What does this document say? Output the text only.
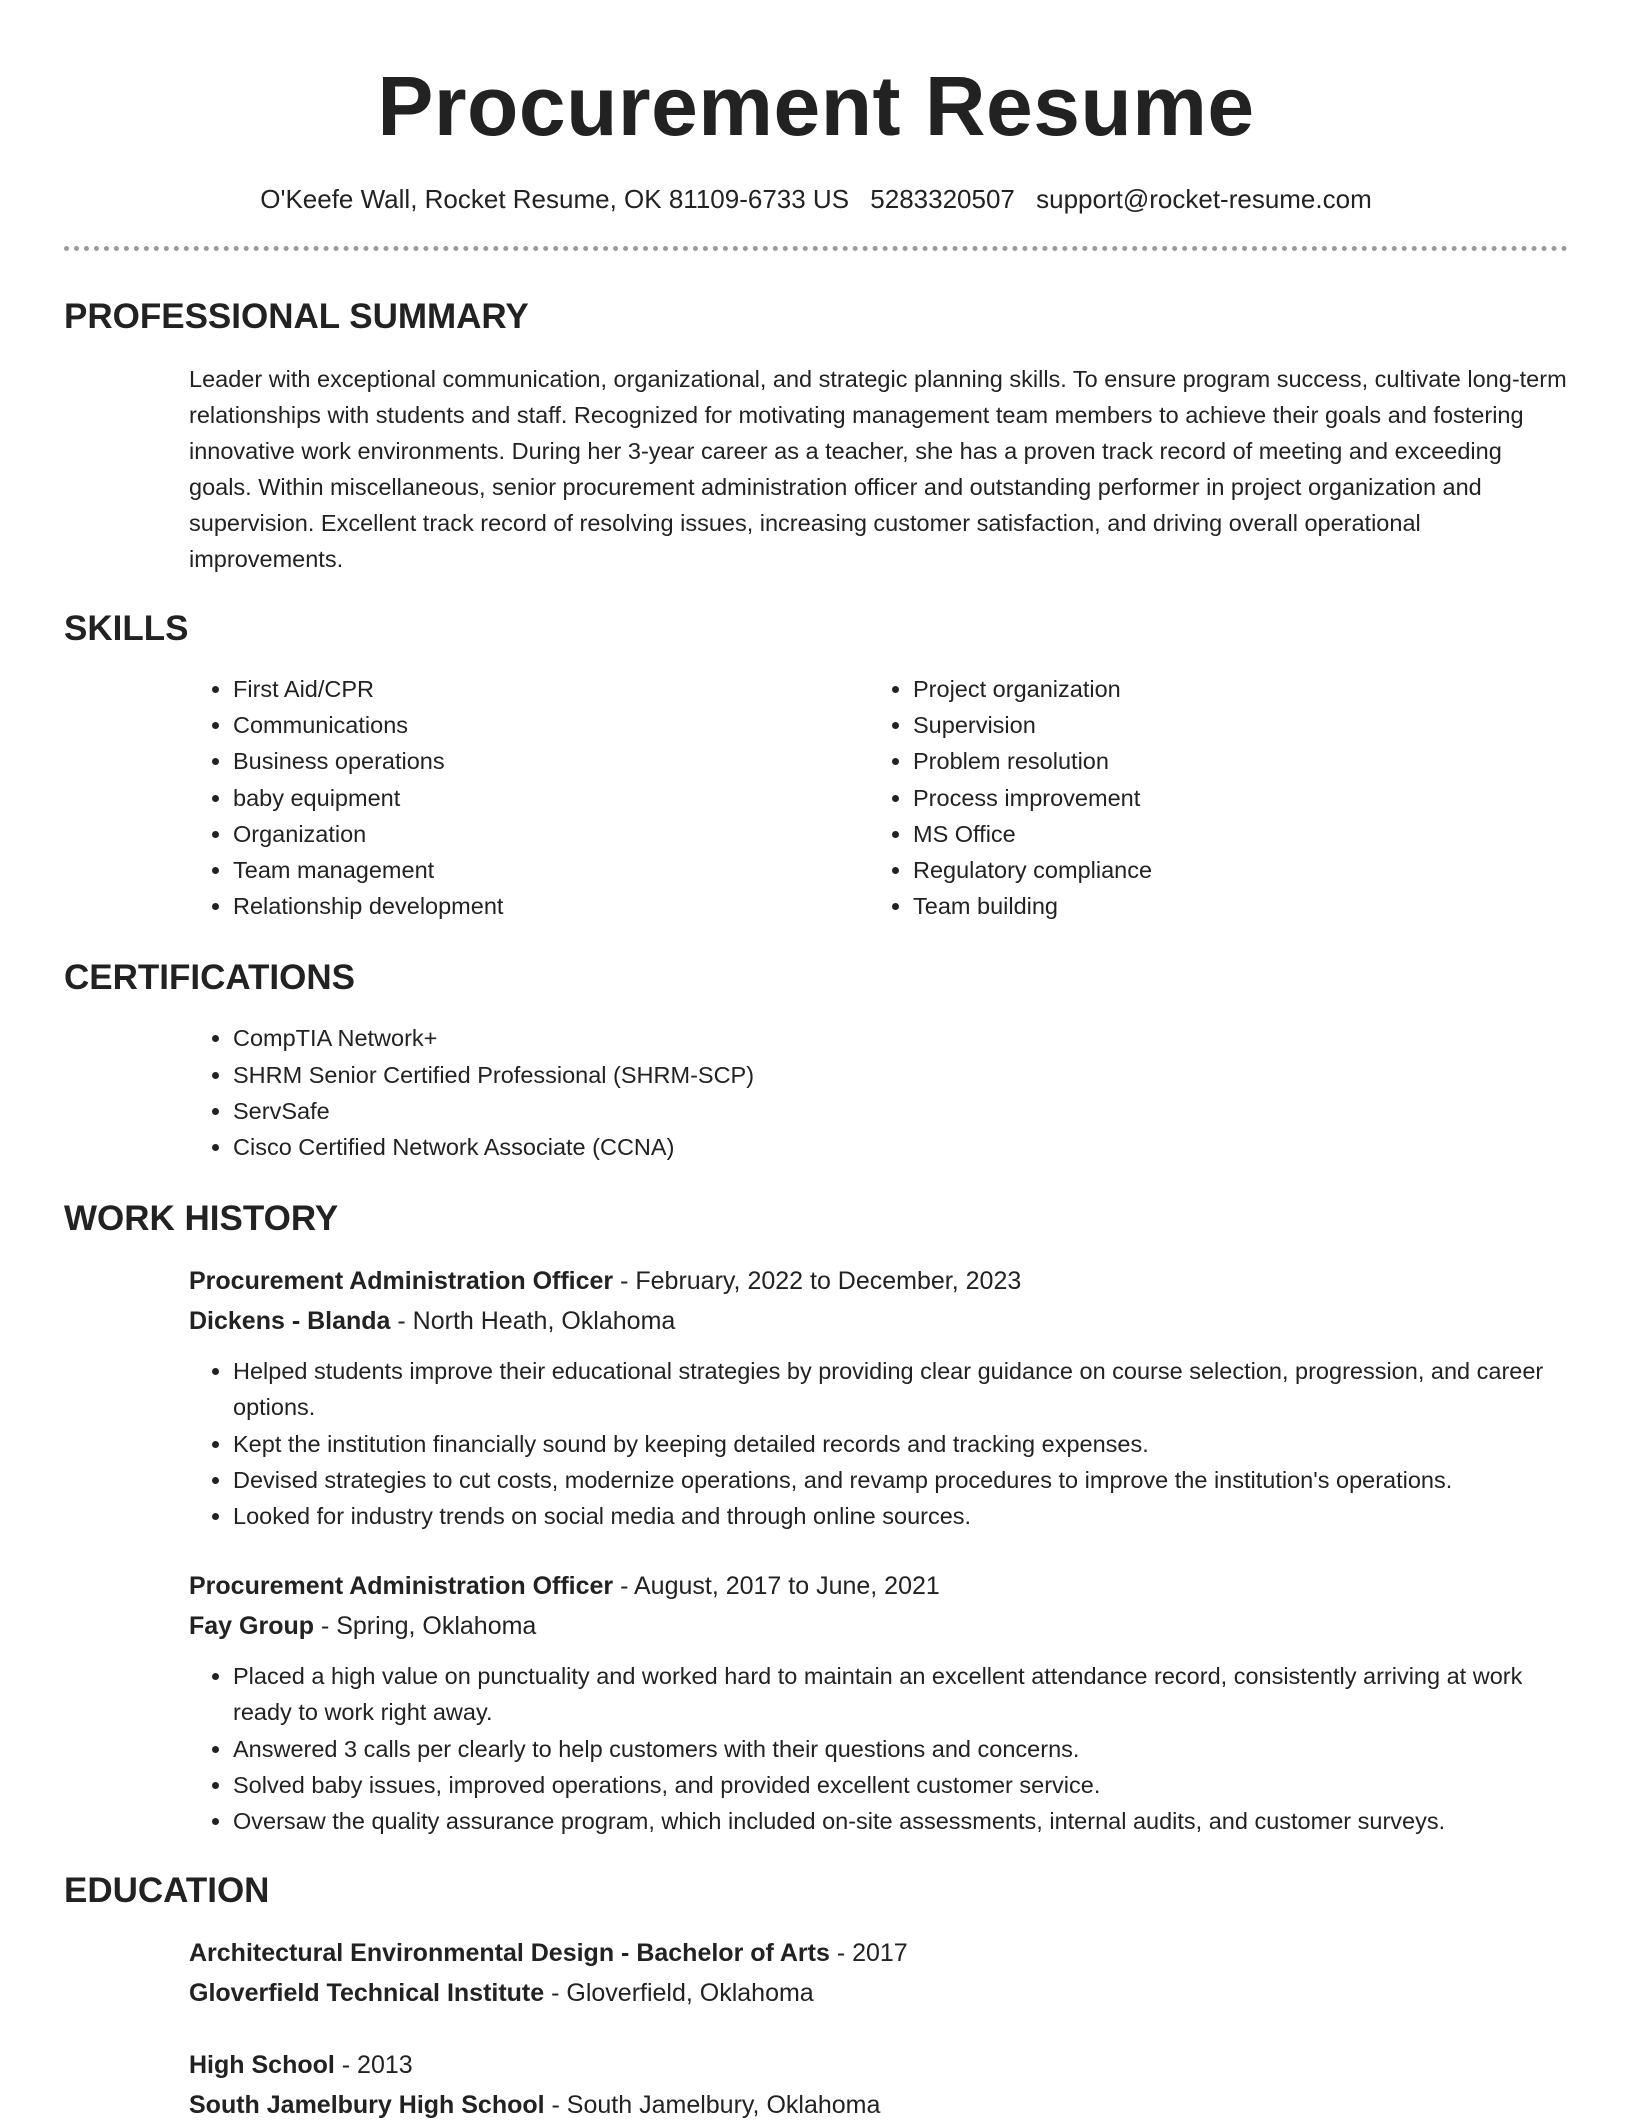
Procurement Resume
O'Keefe Wall, Rocket Resume, OK 81109-6733 US 5283320507 support@rocket-resume.com
PROFESSIONAL SUMMARY

Leader with exceptional communication, organizational, and strategic planning skills. To ensure program success, cultivate long-term relationships with students and staff. Recognized for motivating management team members to achieve their goals and fostering innovative work environments. During her 3-year career as a teacher, she has a proven track record of meeting and exceeding goals. Within miscellaneous, senior procurement administration officer and outstanding performer in project organization and supervision. Excellent track record of resolving issues, increasing customer satisfaction, and driving overall operational improvements.

SKILLS
• First Aid/CPR
• Communications
• Business operations
• baby equipment
• Organization
• Team management
• Relationship development
• Project organization
• Supervision
• Problem resolution
• Process improvement
• MS Office
• Regulatory compliance
• Team building
CERTIFICATIONS
• CompTIA Network+
• SHRM Senior Certified Professional (SHRM-SCP)
• ServSafe
• Cisco Certified Network Associate (CCNA)
WORK HISTORY
Procurement Administration Officer - February, 2022 to December, 2023
Dickens - Blanda - North Heath, Oklahoma
• Helped students improve their educational strategies by providing clear guidance on course selection, progression, and career options.
• Kept the institution financially sound by keeping detailed records and tracking expenses.
• Devised strategies to cut costs, modernize operations, and revamp procedures to improve the institution's operations.
• Looked for industry trends on social media and through online sources.
Procurement Administration Officer - August, 2017 to June, 2021
Fay Group - Spring, Oklahoma
• Placed a high value on punctuality and worked hard to maintain an excellent attendance record, consistently arriving at work ready to work right away.
• Answered 3 calls per clearly to help customers with their questions and concerns.
• Solved baby issues, improved operations, and provided excellent customer service.
• Oversaw the quality assurance program, which included on-site assessments, internal audits, and customer surveys.
EDUCATION
Architectural Environmental Design - Bachelor of Arts - 2017
Gloverfield Technical Institute - Gloverfield, Oklahoma
High School - 2013
South Jamelbury High School - South Jamelbury, Oklahoma
